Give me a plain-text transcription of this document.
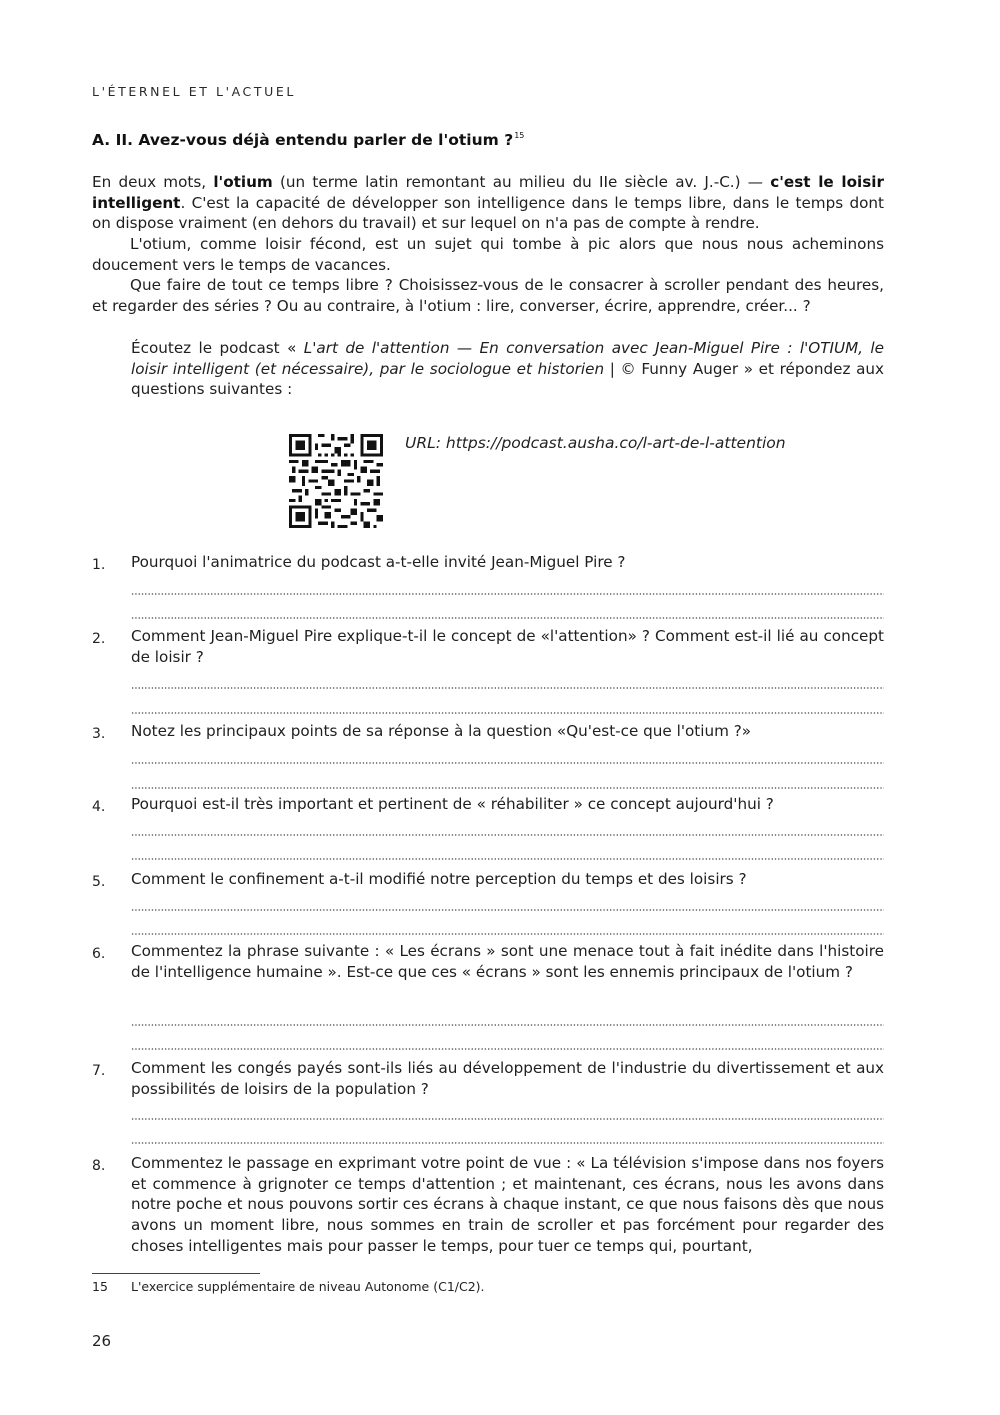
L'ÉTERNEL ET L'ACTUEL
A. II. Avez-vous déjà entendu parler de l'otium ?$^{15}$
En deux mots, l'otium (un terme latin remontant au milieu du IIe siècle av. J.-C.) — c'est le loisir intelligent. C'est la capacité de développer son intelligence dans le temps libre, dans le temps dont on dispose vraiment (en dehors du travail) et sur lequel on n'a pas de compte à rendre.
L'otium, comme loisir fécond, est un sujet qui tombe à pic alors que nous nous acheminons doucement vers le temps de vacances.
Que faire de tout ce temps libre ? Choisissez-vous de le consacrer à scroller pendant des heures, et regarder des séries ? Ou au contraire, à l'otium : lire, converser, écrire, apprendre, créer... ?
Écoutez le podcast « L'art de l'attention — En conversation avec Jean-Miguel Pire : l'OTIUM, le loisir intelligent (et nécessaire), par le sociologue et historien | © Funny Auger » et répondez aux questions suivantes :
URL: https://podcast.ausha.co/l-art-de-l-attention
1. Pourquoi l'animatrice du podcast a-t-elle invité Jean-Miguel Pire ?
2. Comment Jean-Miguel Pire explique-t-il le concept de «l'attention» ? Comment est-il lié au concept de loisir ?
3. Notez les principaux points de sa réponse à la question «Qu'est-ce que l'otium ?»
4. Pourquoi est-il très important et pertinent de « réhabiliter » ce concept aujourd'hui ?
5. Comment le confinement a-t-il modifié notre perception du temps et des loisirs ?
6. Commentez la phrase suivante : « Les écrans » sont une menace tout à fait inédite dans l'histoire de l'intelligence humaine ». Est-ce que ces « écrans » sont les ennemis principaux de l'otium ?
7. Comment les congés payés sont-ils liés au développement de l'industrie du divertissement et aux possibilités de loisirs de la population ?
8. Commentez le passage en exprimant votre point de vue : « La télévision s'impose dans nos foyers et commence à grignoter ce temps d'attention ; et maintenant, ces écrans, nous les avons dans notre poche et nous pouvons sortir ces écrans à chaque instant, ce que nous faisons dès que nous avons un moment libre, nous sommes en train de scroller et pas forcément pour regarder des choses intelligentes mais pour passer le temps, pour tuer ce temps qui, pourtant,
15 L'exercice supplémentaire de niveau Autonome (C1/C2).
26
